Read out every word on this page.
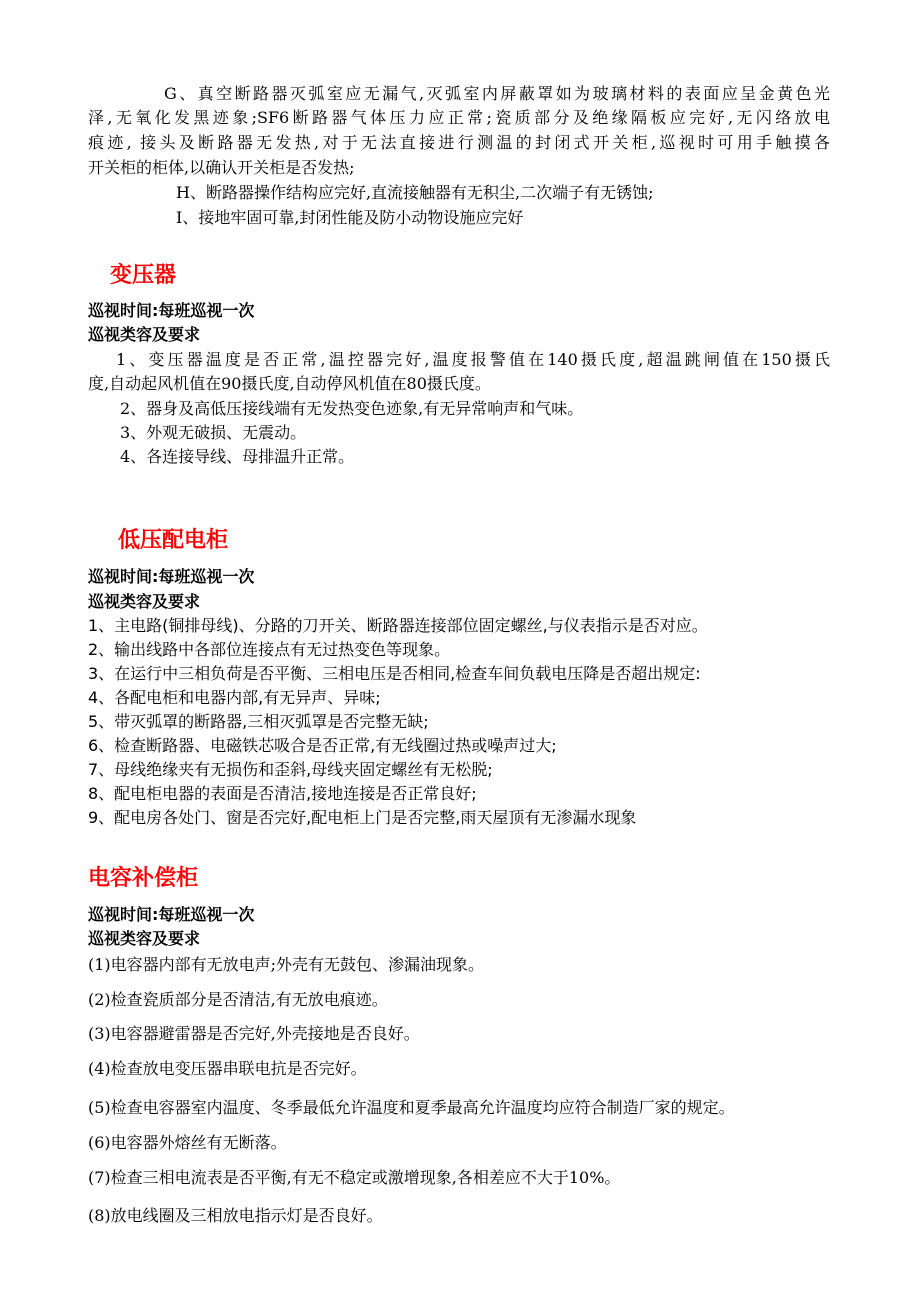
G、真空断路器灭弧室应无漏气,灭弧室内屏蔽罩如为玻璃材料的表面应呈金黄色光
泽,无氧化发黑迹象;SF6断路器气体压力应正常;瓷质部分及绝缘隔板应完好,无闪络放电
痕迹, 接头及断路器无发热,对于无法直接进行测温的封闭式开关柜,巡视时可用手触摸各
开关柜的柜体,以确认开关柜是否发热;
H、断路器操作结构应完好,直流接触器有无积尘,二次端子有无锈蚀;
I、接地牢固可靠,封闭性能及防小动物设施应完好
变压器
巡视时间:每班巡视一次
巡视类容及要求
1、变压器温度是否正常,温控器完好,温度报警值在140摄氏度,超温跳闸值在150摄氏
度,自动起风机值在90摄氏度,自动停风机值在80摄氏度。
2、器身及高低压接线端有无发热变色迹象,有无异常响声和气味。
3、外观无破损、无震动。
4、各连接导线、母排温升正常。
低压配电柜
巡视时间:每班巡视一次
巡视类容及要求
1、主电路(铜排母线)、分路的刀开关、断路器连接部位固定螺丝,与仪表指示是否对应。
2、输出线路中各部位连接点有无过热变色等现象。
3、在运行中三相负荷是否平衡、三相电压是否相同,检查车间负载电压降是否超出规定:
4、各配电柜和电器内部,有无异声、异味;
5、带灭弧罩的断路器,三相灭弧罩是否完整无缺;
6、检查断路器、电磁铁芯吸合是否正常,有无线圈过热或噪声过大;
7、母线绝缘夹有无损伤和歪斜,母线夹固定螺丝有无松脱;
8、配电柜电器的表面是否清洁,接地连接是否正常良好;
9、配电房各处门、窗是否完好,配电柜上门是否完整,雨天屋顶有无渗漏水现象
电容补偿柜
巡视时间:每班巡视一次
巡视类容及要求
(1)电容器内部有无放电声;外壳有无鼓包、渗漏油现象。
(2)检查瓷质部分是否清洁,有无放电痕迹。
(3)电容器避雷器是否完好,外壳接地是否良好。
(4)检查放电变压器串联电抗是否完好。
(5)检查电容器室内温度、冬季最低允许温度和夏季最高允许温度均应符合制造厂家的规定。
(6)电容器外熔丝有无断落。
(7)检查三相电流表是否平衡,有无不稳定或激增现象,各相差应不大于10%。
(8)放电线圈及三相放电指示灯是否良好。
